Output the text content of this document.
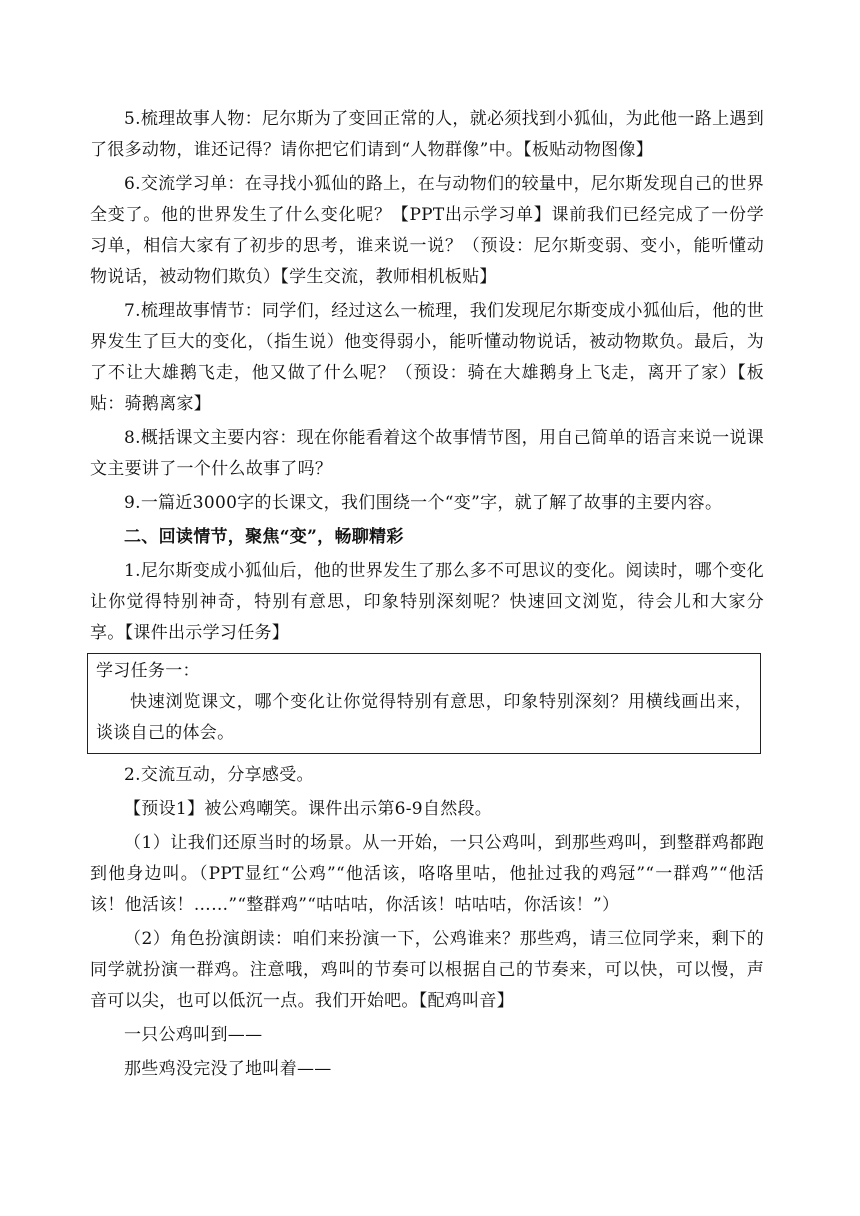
5.梳理故事人物：尼尔斯为了变回正常的人，就必须找到小狐仙，为此他一路上遇到了很多动物，谁还记得？请你把它们请到“人物群像”中。【板贴动物图像】

6.交流学习单：在寻找小狐仙的路上，在与动物们的较量中，尼尔斯发现自己的世界全变了。他的世界发生了什么变化呢？【PPT出示学习单】课前我们已经完成了一份学习单，相信大家有了初步的思考，谁来说一说？（预设：尼尔斯变弱、变小，能听懂动物说话，被动物们欺负）【学生交流，教师相机板贴】

7.梳理故事情节：同学们，经过这么一梳理，我们发现尼尔斯变成小狐仙后，他的世界发生了巨大的变化，（指生说）他变得弱小，能听懂动物说话，被动物欺负。最后，为了不让大雄鹅飞走，他又做了什么呢？（预设：骑在大雄鹅身上飞走，离开了家）【板贴：骑鹅离家】

8.概括课文主要内容：现在你能看着这个故事情节图，用自己简单的语言来说一说课文主要讲了一个什么故事了吗？

9.一篇近3000字的长课文，我们围绕一个“变”字，就了解了故事的主要内容。

二、回读情节，聚焦“变”，畅聊精彩

1.尼尔斯变成小狐仙后，他的世界发生了那么多不可思议的变化。阅读时，哪个变化让你觉得特别神奇，特别有意思，印象特别深刻呢？快速回文浏览，待会儿和大家分享。【课件出示学习任务】

学习任务一：

快速浏览课文，哪个变化让你觉得特别有意思，印象特别深刻？用横线画出来，谈谈自己的体会。

2.交流互动，分享感受。

【预设1】被公鸡嘲笑。课件出示第6-9自然段。

（1）让我们还原当时的场景。从一开始，一只公鸡叫，到那些鸡叫，到整群鸡都跑到他身边叫。（PPT显红“公鸡”“他活该，咯咯里咕，他扯过我的鸡冠”“一群鸡”“他活该！他活该！……”“整群鸡”“咕咕咕，你活该！咕咕咕，你活该！”）

（2）角色扮演朗读：咱们来扮演一下，公鸡谁来？那些鸡，请三位同学来，剩下的同学就扮演一群鸡。注意哦，鸡叫的节奏可以根据自己的节奏来，可以快，可以慢，声音可以尖，也可以低沉一点。我们开始吧。【配鸡叫音】

一只公鸡叫到——

那些鸡没完没了地叫着——
